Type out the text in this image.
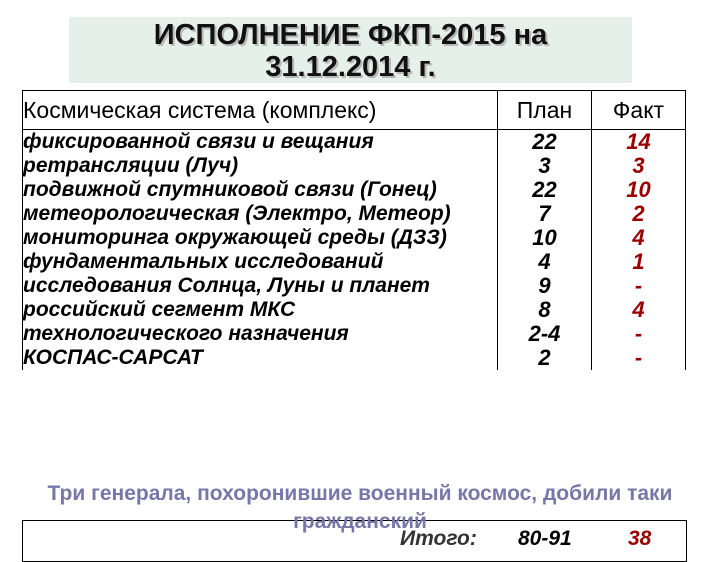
ИСПОЛНЕНИЕ ФКП-2015 на
31.12.2014 г.
Космическая система (комплекс)	План	Факт
фиксированной связи и вещания	22	14
ретрансляции (Луч)	3	3
подвижной спутниковой связи (Гонец)	22	10
метеорологическая (Электро, Метеор)	7	2
мониторинга окружающей среды (ДЗЗ)	10	4
фундаментальных исследований	4	1
исследования Солнца, Луны и планет	9	-
российский сегмент МКС	8	4
технологического назначения	2-4	-
КОСПАС-САРСАТ	2	-
Итого: 80-91	38
Три генерала, похоронившие военный космос, добили таки
гражданский
